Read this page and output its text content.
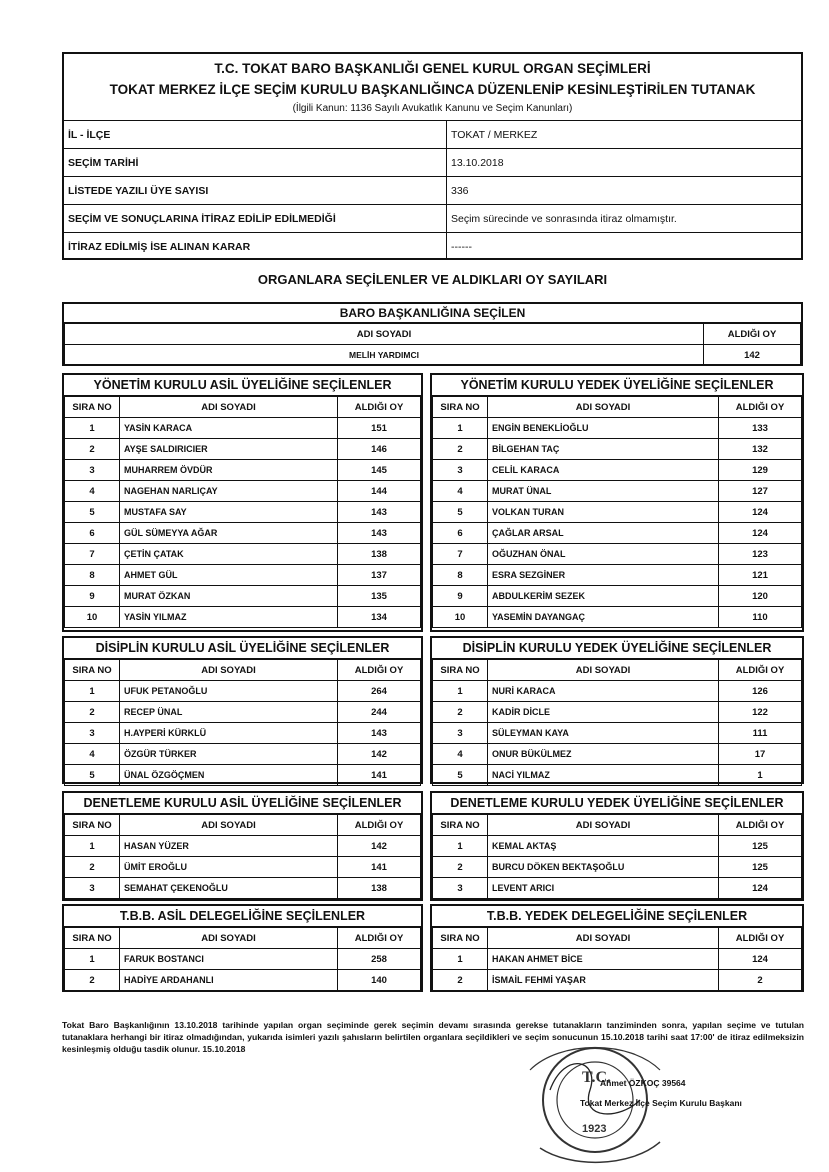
T.C. TOKAT BARO BAŞKANLIĞI GENEL KURUL ORGAN SEÇİMLERİ
TOKAT MERKEZ İLÇE SEÇİM KURULU BAŞKANLIĞINCA DÜZENLENİP KESİNLEŞTİRİLEN TUTANAK
(İlgili Kanun: 1136 Sayılı Avukatlık Kanunu ve Seçim Kanunları)
İL - İLÇE	TOKAT / MERKEZ
SEÇİM TARİHİ	13.10.2018
LİSTEDE YAZILI ÜYE SAYISI	336
SEÇİM VE SONUÇLARINA İTİRAZ EDİLİP EDİLMEDİĞİ	Seçim sürecinde ve sonrasında itiraz olmamıştır.
İTİRAZ EDİLMİŞ İSE ALINAN KARAR	------
ORGANLARA SEÇİLENLER VE ALDIKLARI OY SAYILARI
BARO BAŞKANLIĞINA SEÇİLEN
ADI SOYADI	ALDIĞI OY
MELİH YARDIMCI	142
YÖNETİM KURULU ASİL ÜYELİĞİNE SEÇİLENLER
SIRA NO	ADI SOYADI	ALDIĞI OY
1	YASİN KARACA	151
2	AYŞE SALDIRICIER	146
3	MUHARREM ÖVDÜR	145
4	NAGEHAN NARLIÇAY	144
5	MUSTAFA SAY	143
6	GÜL SÜMEYYA AĞAR	143
7	ÇETİN ÇATAK	138
8	AHMET GÜL	137
9	MURAT ÖZKAN	135
10	YASİN YILMAZ	134
YÖNETİM KURULU YEDEK ÜYELİĞİNE SEÇİLENLER
SIRA NO	ADI SOYADI	ALDIĞI OY
1	ENGİN BENEKLİOĞLU	133
2	BİLGEHAN TAÇ	132
3	CELİL KARACA	129
4	MURAT ÜNAL	127
5	VOLKAN TURAN	124
6	ÇAĞLAR ARSAL	124
7	OĞUZHAN ÖNAL	123
8	ESRA SEZGİNER	121
9	ABDULKERİM SEZEK	120
10	YASEMİN DAYANGAÇ	110
DİSİPLİN KURULU ASİL ÜYELİĞİNE SEÇİLENLER
SIRA NO	ADI SOYADI	ALDIĞI OY
1	UFUK PETANOĞLU	264
2	RECEP ÜNAL	244
3	H.AYPERİ KÜRKLÜ	143
4	ÖZGÜR TÜRKER	142
5	ÜNAL ÖZGÖÇMEN	141
DİSİPLİN KURULU YEDEK ÜYELİĞİNE SEÇİLENLER
SIRA NO	ADI SOYADI	ALDIĞI OY
1	NURİ KARACA	126
2	KADİR DİCLE	122
3	SÜLEYMAN KAYA	111
4	ONUR BÜKÜLMEZ	17
5	NACİ YILMAZ	1
DENETLEME KURULU ASİL ÜYELİĞİNE SEÇİLENLER
SIRA NO	ADI SOYADI	ALDIĞI OY
1	HASAN YÜZER	142
2	ÜMİT EROĞLU	141
3	SEMAHAT ÇEKENOĞLU	138
DENETLEME KURULU YEDEK ÜYELİĞİNE SEÇİLENLER
SIRA NO	ADI SOYADI	ALDIĞI OY
1	KEMAL AKTAŞ	125
2	BURCU DÖKEN BEKTAŞOĞLU	125
3	LEVENT ARICI	124
T.B.B. ASİL DELEGELİĞİNE SEÇİLENLER
SIRA NO	ADI SOYADI	ALDIĞI OY
1	FARUK BOSTANCI	258
2	HADİYE ARDAHANLI	140
T.B.B. YEDEK DELEGELİĞİNE SEÇİLENLER
SIRA NO	ADI SOYADI	ALDIĞI OY
1	HAKAN AHMET BİCE	124
2	İSMAİL FEHMİ YAŞAR	2
Tokat Baro Başkanlığının 13.10.2018 tarihinde yapılan organ seçiminde gerek seçimin devamı sırasında gerekse tutanakların tanziminden sonra, yapılan seçime ve tutulan tutanaklara herhangi bir itiraz olmadığından, yukarıda isimleri yazılı şahısların belirtilen organlara seçildikleri ve seçim sonucunun 15.10.2018 tarihi saat 17:00' de itiraz edilmeksizin kesinleşmiş olduğu tasdik olunur. 15.10.2018
T.C.
1923
Ahmet ÖZKOÇ 39564
Tokat Merkez İlçe Seçim Kurulu Başkanı
